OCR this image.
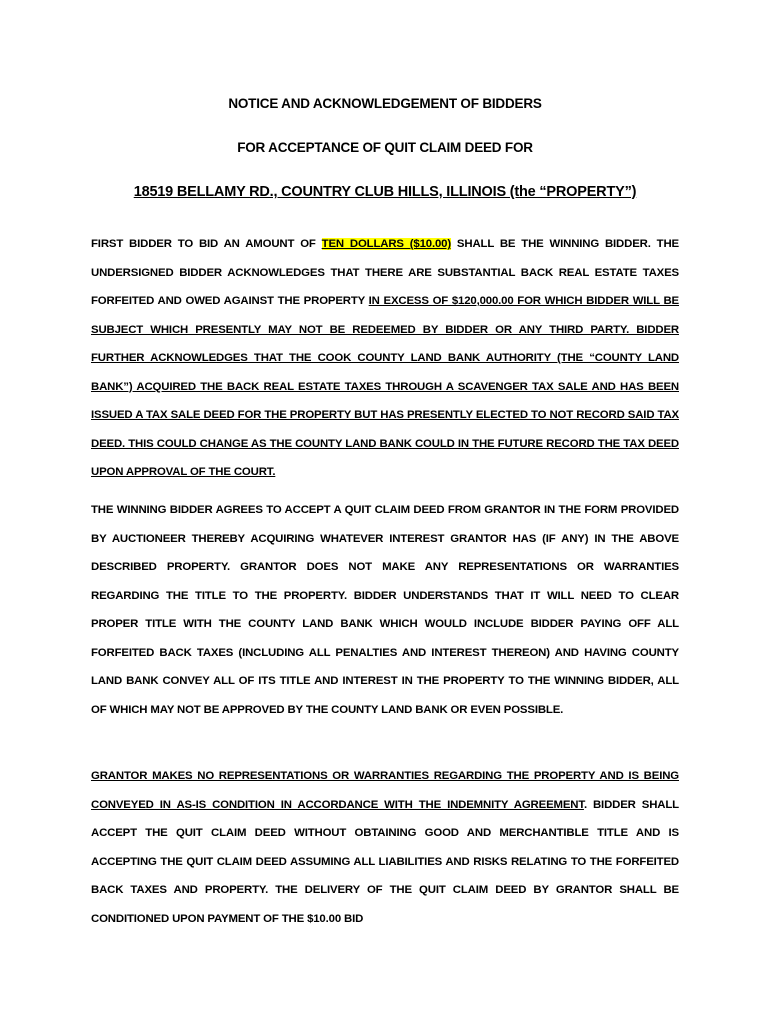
NOTICE AND ACKNOWLEDGEMENT OF BIDDERS
FOR ACCEPTANCE OF QUIT CLAIM DEED FOR
18519 BELLAMY RD., COUNTRY CLUB HILLS, ILLINOIS (the “PROPERTY”)
FIRST BIDDER TO BID AN AMOUNT OF TEN DOLLARS ($10.00) SHALL BE THE WINNING BIDDER. THE UNDERSIGNED BIDDER ACKNOWLEDGES THAT THERE ARE SUBSTANTIAL BACK REAL ESTATE TAXES FORFEITED AND OWED AGAINST THE PROPERTY IN EXCESS OF $120,000.00 FOR WHICH BIDDER WILL BE SUBJECT WHICH PRESENTLY MAY NOT BE REDEEMED BY BIDDER OR ANY THIRD PARTY. BIDDER FURTHER ACKNOWLEDGES THAT THE COOK COUNTY LAND BANK AUTHORITY (THE “COUNTY LAND BANK”) ACQUIRED THE BACK REAL ESTATE TAXES THROUGH A SCAVENGER TAX SALE AND HAS BEEN ISSUED A TAX SALE DEED FOR THE PROPERTY BUT HAS PRESENTLY ELECTED TO NOT RECORD SAID TAX DEED. THIS COULD CHANGE AS THE COUNTY LAND BANK COULD IN THE FUTURE RECORD THE TAX DEED UPON APPROVAL OF THE COURT.
THE WINNING BIDDER AGREES TO ACCEPT A QUIT CLAIM DEED FROM GRANTOR IN THE FORM PROVIDED BY AUCTIONEER THEREBY ACQUIRING WHATEVER INTEREST GRANTOR HAS (IF ANY) IN THE ABOVE DESCRIBED PROPERTY. GRANTOR DOES NOT MAKE ANY REPRESENTATIONS OR WARRANTIES REGARDING THE TITLE TO THE PROPERTY. BIDDER UNDERSTANDS THAT IT WILL NEED TO CLEAR PROPER TITLE WITH THE COUNTY LAND BANK WHICH WOULD INCLUDE BIDDER PAYING OFF ALL FORFEITED BACK TAXES (INCLUDING ALL PENALTIES AND INTEREST THEREON) AND HAVING COUNTY LAND BANK CONVEY ALL OF ITS TITLE AND INTEREST IN THE PROPERTY TO THE WINNING BIDDER, ALL OF WHICH MAY NOT BE APPROVED BY THE COUNTY LAND BANK OR EVEN POSSIBLE.
GRANTOR MAKES NO REPRESENTATIONS OR WARRANTIES REGARDING THE PROPERTY AND IS BEING CONVEYED IN AS-IS CONDITION IN ACCORDANCE WITH THE INDEMNITY AGREEMENT. BIDDER SHALL ACCEPT THE QUIT CLAIM DEED WITHOUT OBTAINING GOOD AND MERCHANTIBLE TITLE AND IS ACCEPTING THE QUIT CLAIM DEED ASSUMING ALL LIABILITIES AND RISKS RELATING TO THE FORFEITED BACK TAXES AND PROPERTY. THE DELIVERY OF THE QUIT CLAIM DEED BY GRANTOR SHALL BE CONDITIONED UPON PAYMENT OF THE $10.00 BID
